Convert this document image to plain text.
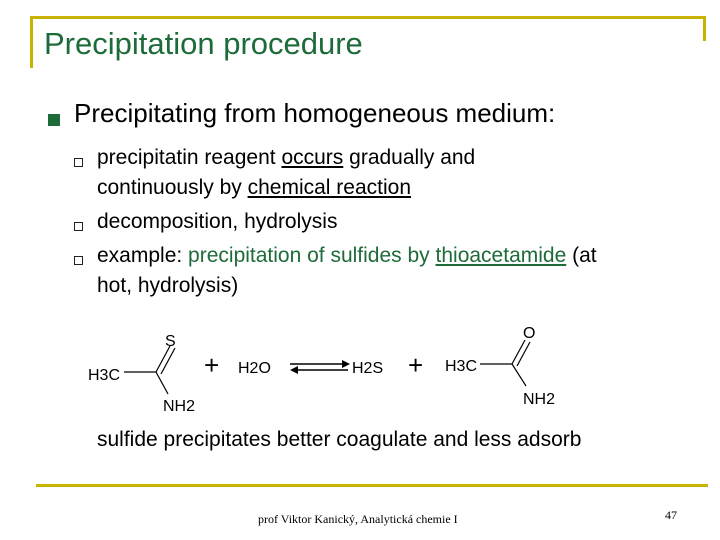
Precipitation procedure
Precipitating from homogeneous medium:
precipitatin reagent occurs gradually and
continuously by chemical reaction
decomposition, hydrolysis
example: precipitation of sulfides by thioacetamide (at
hot, hydrolysis)
S
H3C
NH2
+ H2O	H2S + H3C
O
NH2
sulfide precipitates better coagulate and less adsorb
prof Viktor Kanický, Analytická chemie I	47
